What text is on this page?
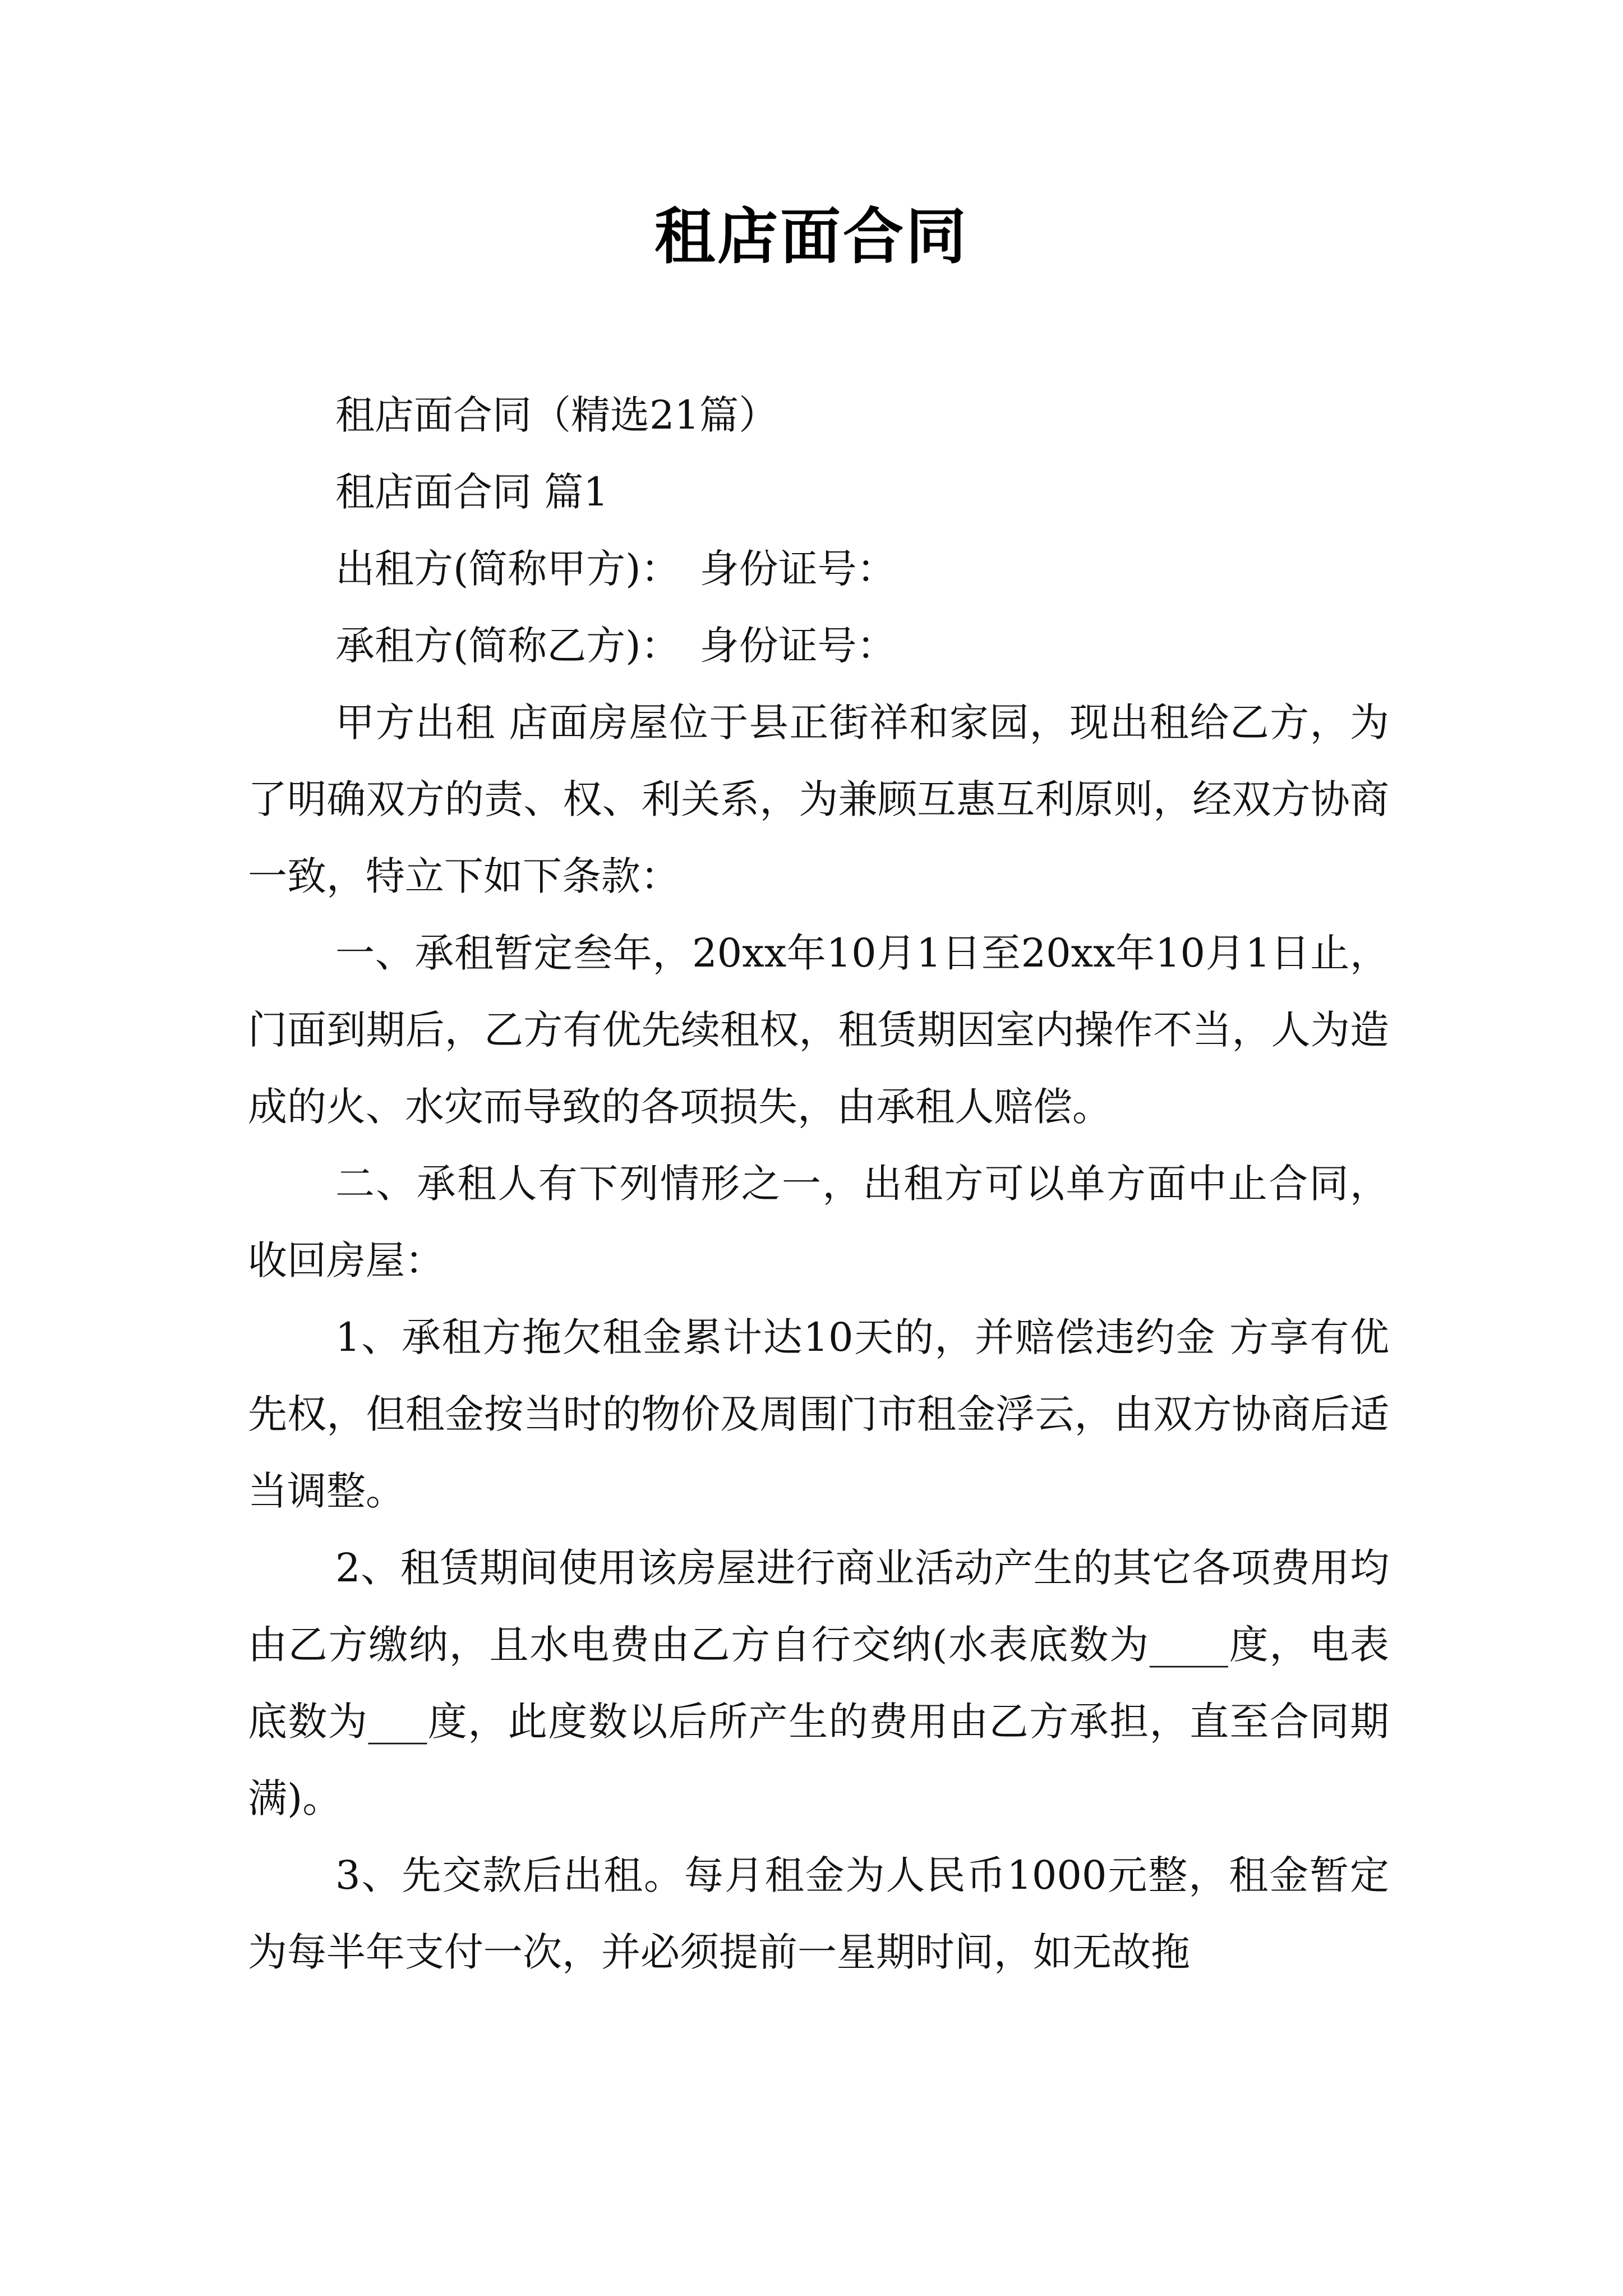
租店面合同

租店面合同（精选21篇）

租店面合同 篇1

出租方(简称甲方)：　身份证号：

承租方(简称乙方)：　身份证号：

甲方出租 店面房屋位于县正街祥和家园，现出租给乙方，为了明确双方的责、权、利关系，为兼顾互惠互利原则，经双方协商一致，特立下如下条款：

一、承租暂定叁年，20xx年10月1日至20xx年10月1日止，门面到期后，乙方有优先续租权，租赁期因室内操作不当，人为造成的火、水灾而导致的各项损失，由承租人赔偿。

二、承租人有下列情形之一，出租方可以单方面中止合同，收回房屋：

1、承租方拖欠租金累计达10天的，并赔偿违约金 方享有优先权，但租金按当时的物价及周围门市租金浮云，由双方协商后适当调整。

2、租赁期间使用该房屋进行商业活动产生的其它各项费用均由乙方缴纳，且水电费由乙方自行交纳(水表底数为____度，电表底数为___度，此度数以后所产生的费用由乙方承担，直至合同期满)。

3、先交款后出租。每月租金为人民币1000元整，租金暂定为每半年支付一次，并必须提前一星期时间，如无故拖
